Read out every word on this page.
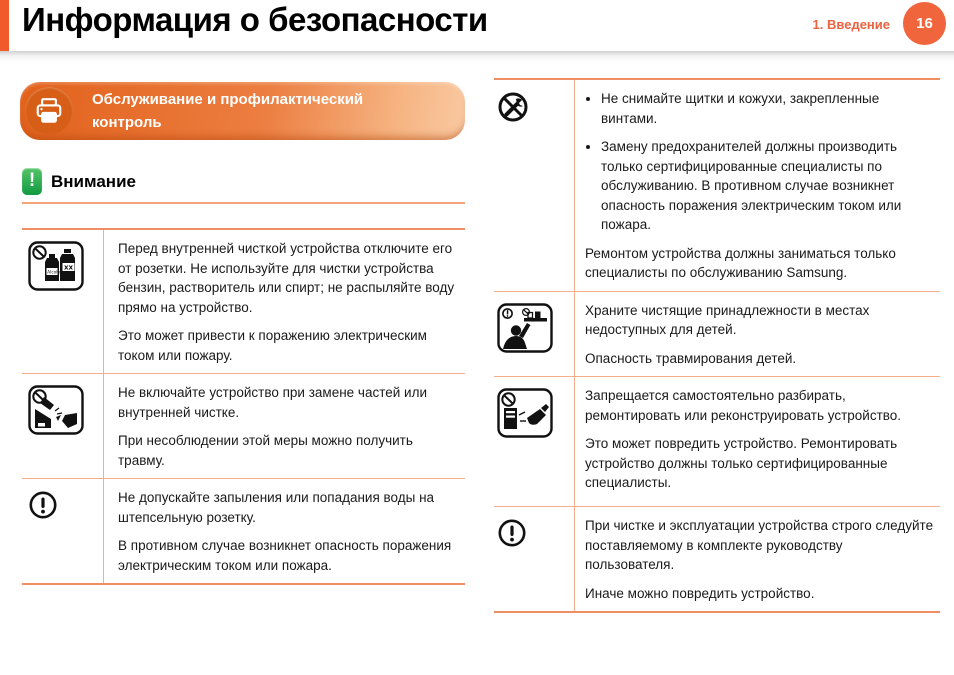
Информация о безопасности	1. Введение	16
Обслуживание и профилактический контроль
! Внимание
xx
Alcohol

Перед внутренней чисткой устройства отключите его от розетки. Не используйте для чистки устройства бензин, растворитель или спирт; не распыляйте воду прямо на устройство.

Это может привести к поражению электрическим током или пожару.

Не включайте устройство при замене частей или внутренней чистке.

При несоблюдении этой меры можно получить травму.

Не допускайте запыления или попадания воды на штепсельную розетку.

В противном случае возникнет опасность поражения электрическим током или пожара.

• Не снимайте щитки и кожухи, закрепленные винтами.
• Замену предохранителей должны производить только сертифицированные специалисты по обслуживанию. В противном случае возникнет опасность поражения электрическим током или пожара.

Ремонтом устройства должны заниматься только специалисты по обслуживанию Samsung.

Храните чистящие принадлежности в местах недоступных для детей.

Опасность травмирования детей.

Запрещается самостоятельно разбирать, ремонтировать или реконструировать устройство.

Это может повредить устройство. Ремонтировать устройство должны только сертифицированные специалисты.

При чистке и эксплуатации устройства строго следуйте поставляемому в комплекте руководству пользователя.

Иначе можно повредить устройство.
